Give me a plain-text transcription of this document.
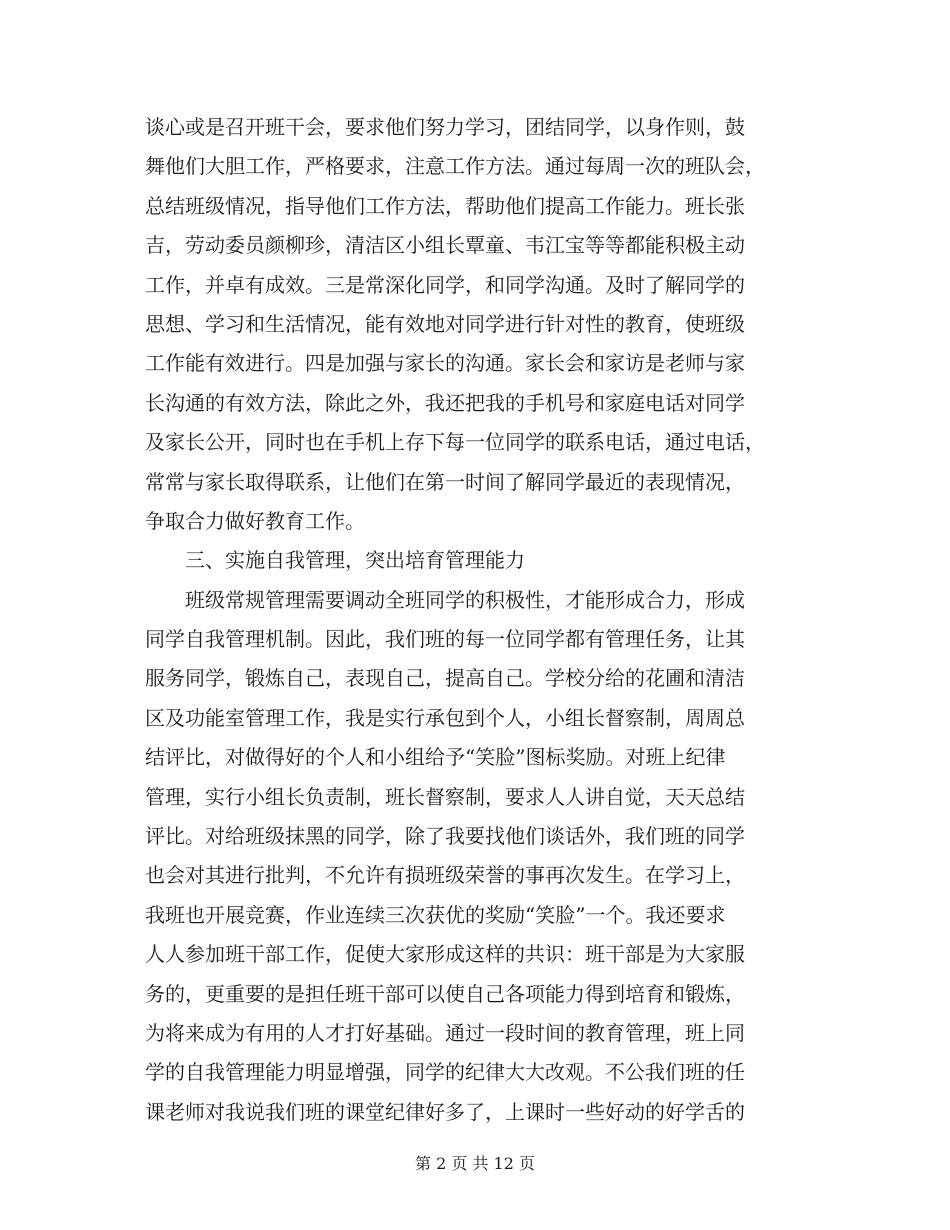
谈心或是召开班干会，要求他们努力学习，团结同学，以身作则，鼓
舞他们大胆工作，严格要求，注意工作方法。通过每周一次的班队会，
总结班级情况，指导他们工作方法，帮助他们提高工作能力。班长张
吉，劳动委员颜柳珍，清洁区小组长覃童、韦江宝等等都能积极主动
工作，并卓有成效。三是常深化同学，和同学沟通。及时了解同学的
思想、学习和生活情况，能有效地对同学进行针对性的教育，使班级
工作能有效进行。四是加强与家长的沟通。家长会和家访是老师与家
长沟通的有效方法，除此之外，我还把我的手机号和家庭电话对同学
及家长公开，同时也在手机上存下每一位同学的联系电话，通过电话，
常常与家长取得联系，让他们在第一时间了解同学最近的表现情况，
争取合力做好教育工作。
三、实施自我管理，突出培育管理能力
班级常规管理需要调动全班同学的积极性，才能形成合力，形成
同学自我管理机制。因此，我们班的每一位同学都有管理任务，让其
服务同学，锻炼自己，表现自己，提高自己。学校分给的花圃和清洁
区及功能室管理工作，我是实行承包到个人，小组长督察制，周周总
结评比，对做得好的个人和小组给予“笑脸”图标奖励。对班上纪律
管理，实行小组长负责制，班长督察制，要求人人讲自觉，天天总结
评比。对给班级抹黑的同学，除了我要找他们谈话外，我们班的同学
也会对其进行批判，不允许有损班级荣誉的事再次发生。在学习上，
我班也开展竞赛，作业连续三次获优的奖励“笑脸”一个。我还要求
人人参加班干部工作，促使大家形成这样的共识：班干部是为大家服
务的，更重要的是担任班干部可以使自己各项能力得到培育和锻炼，
为将来成为有用的人才打好基础。通过一段时间的教育管理，班上同
学的自我管理能力明显增强，同学的纪律大大改观。不公我们班的任
课老师对我说我们班的课堂纪律好多了，上课时一些好动的好学舌的
第 2 页 共 12 页
